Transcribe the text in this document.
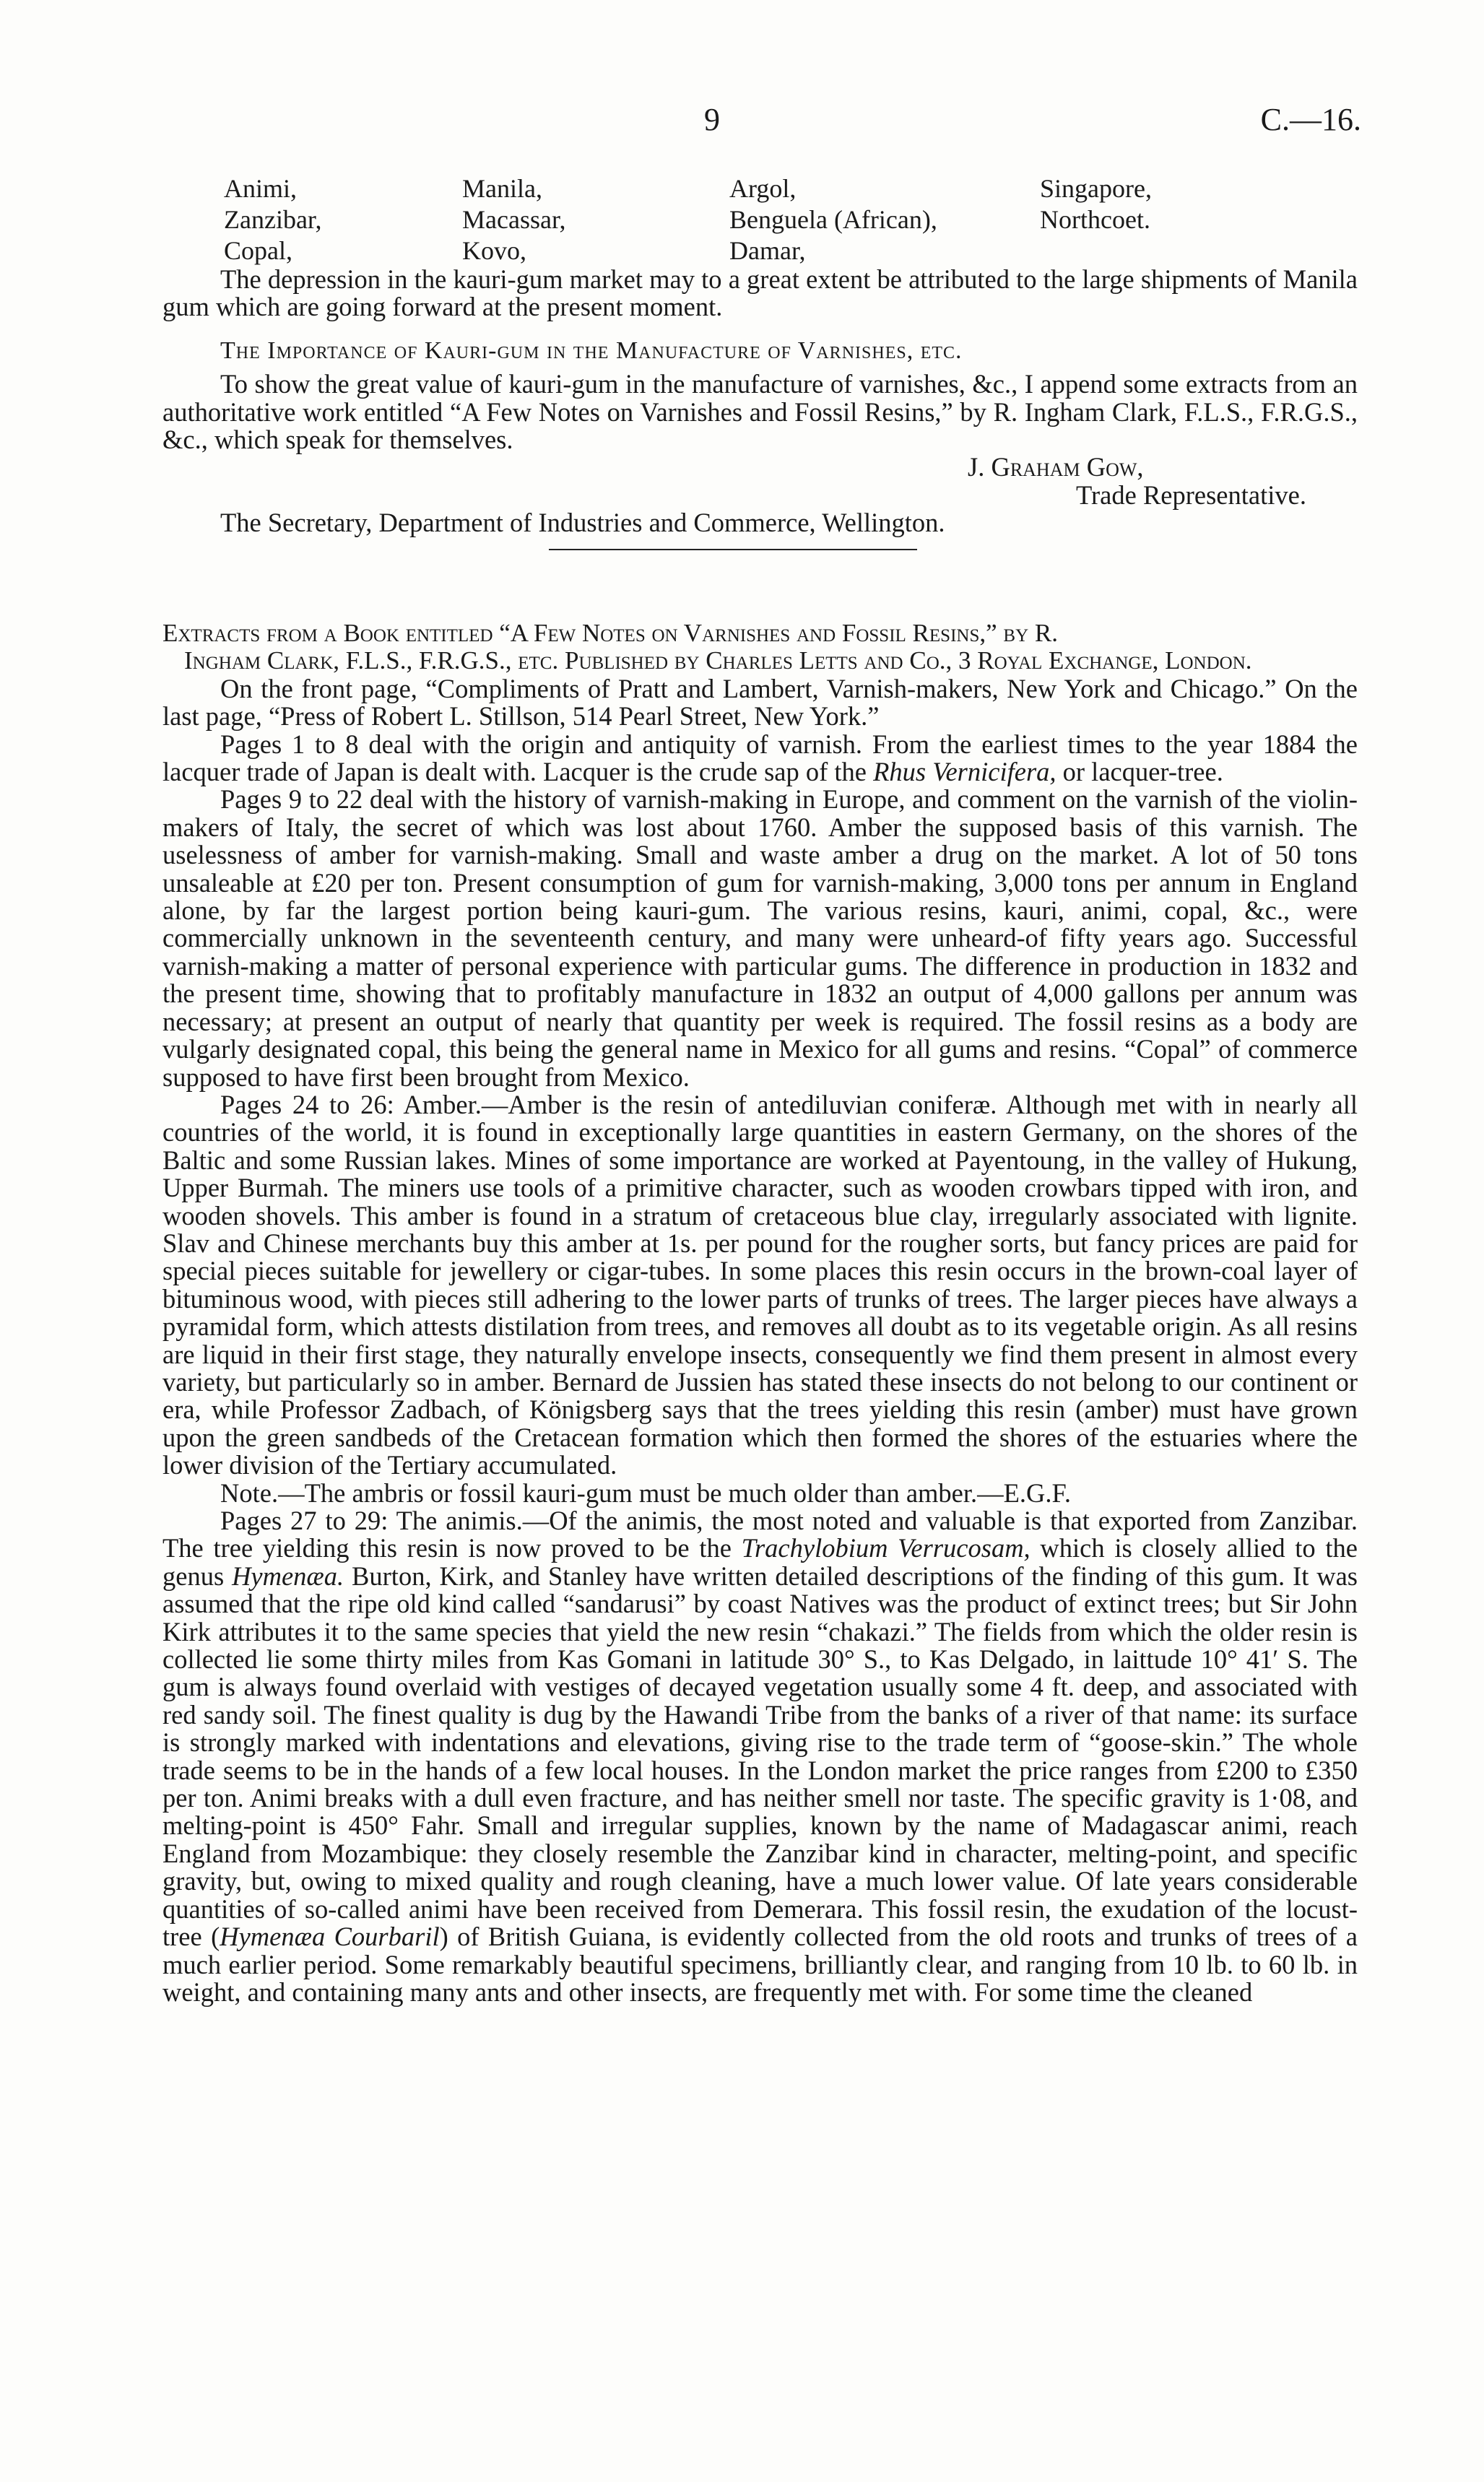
9	C.—16.
Animi,
Zanzibar,
Copal,
Manila,
Macassar,
Kovo,
Argol,
Benguela (African),
Damar,
Singapore,
Northcoet.

The depression in the kauri-gum market may to a great extent be attributed to the large shipments of Manila gum which are going forward at the present moment.

The Importance of Kauri-gum in the Manufacture of Varnishes, etc.

To show the great value of kauri-gum in the manufacture of varnishes, &c., I append some extracts from an authoritative work entitled “A Few Notes on Varnishes and Fossil Resins,” by R. Ingham Clark, F.L.S., F.R.G.S., &c., which speak for themselves.

J. Graham Gow,

Trade Representative.

The Secretary, Department of Industries and Commerce, Wellington.

Extracts from a Book entitled “A Few Notes on Varnishes and Fossil Resins,” by R.
Ingham Clark, F.L.S., F.R.G.S., etc. Published by Charles Letts and Co., 3 Royal Exchange, London.

On the front page, “Compliments of Pratt and Lambert, Varnish-makers, New York and Chicago.” On the last page, “Press of Robert L. Stillson, 514 Pearl Street, New York.”

Pages 1 to 8 deal with the origin and antiquity of varnish. From the earliest times to the year 1884 the lacquer trade of Japan is dealt with. Lacquer is the crude sap of the Rhus Vernicifera, or lacquer-tree.

Pages 9 to 22 deal with the history of varnish-making in Europe, and comment on the varnish of the violin-makers of Italy, the secret of which was lost about 1760. Amber the supposed basis of this varnish. The uselessness of amber for varnish-making. Small and waste amber a drug on the market. A lot of 50 tons unsaleable at £20 per ton. Present consumption of gum for varnish-making, 3,000 tons per annum in England alone, by far the largest portion being kauri-gum. The various resins, kauri, animi, copal, &c., were commercially unknown in the seventeenth century, and many were unheard-of fifty years ago. Successful varnish-making a matter of personal experience with particular gums. The difference in production in 1832 and the present time, showing that to profitably manufacture in 1832 an output of 4,000 gallons per annum was necessary; at present an output of nearly that quantity per week is required. The fossil resins as a body are vulgarly designated copal, this being the general name in Mexico for all gums and resins. “Copal” of commerce supposed to have first been brought from Mexico.

Pages 24 to 26: Amber.—Amber is the resin of antediluvian coniferæ. Although met with in nearly all countries of the world, it is found in exceptionally large quantities in eastern Germany, on the shores of the Baltic and some Russian lakes. Mines of some importance are worked at Payentoung, in the valley of Hukung, Upper Burmah. The miners use tools of a primitive character, such as wooden crowbars tipped with iron, and wooden shovels. This amber is found in a stratum of cretaceous blue clay, irregularly associated with lignite. Slav and Chinese merchants buy this amber at 1s. per pound for the rougher sorts, but fancy prices are paid for special pieces suitable for jewellery or cigar-tubes. In some places this resin occurs in the brown-coal layer of bituminous wood, with pieces still adhering to the lower parts of trunks of trees. The larger pieces have always a pyramidal form, which attests distilation from trees, and removes all doubt as to its vegetable origin. As all resins are liquid in their first stage, they naturally envelope insects, consequently we find them present in almost every variety, but particularly so in amber. Bernard de Jussien has stated these insects do not belong to our continent or era, while Professor Zadbach, of Königsberg says that the trees yielding this resin (amber) must have grown upon the green sandbeds of the Cretacean formation which then formed the shores of the estuaries where the lower division of the Tertiary accumulated.

Note.—The ambris or fossil kauri-gum must be much older than amber.—E.G.F.

Pages 27 to 29: The animis.—Of the animis, the most noted and valuable is that exported from Zanzibar. The tree yielding this resin is now proved to be the Trachylobium Verrucosam, which is closely allied to the genus Hymenæa. Burton, Kirk, and Stanley have written detailed descriptions of the finding of this gum. It was assumed that the ripe old kind called “sandarusi” by coast Natives was the product of extinct trees; but Sir John Kirk attributes it to the same species that yield the new resin “chakazi.” The fields from which the older resin is collected lie some thirty miles from Kas Gomani in latitude 30° S., to Kas Delgado, in laittude 10° 41′ S. The gum is always found overlaid with vestiges of decayed vegetation usually some 4 ft. deep, and associated with red sandy soil. The finest quality is dug by the Hawandi Tribe from the banks of a river of that name: its surface is strongly marked with indentations and elevations, giving rise to the trade term of “goose-skin.” The whole trade seems to be in the hands of a few local houses. In the London market the price ranges from £200 to £350 per ton. Animi breaks with a dull even fracture, and has neither smell nor taste. The specific gravity is 1·08, and melting-point is 450° Fahr. Small and irregular supplies, known by the name of Madagascar animi, reach England from Mozambique: they closely resemble the Zanzibar kind in character, melting-point, and specific gravity, but, owing to mixed quality and rough cleaning, have a much lower value. Of late years considerable quantities of so-called animi have been received from Demerara. This fossil resin, the exudation of the locust-tree (Hymenæa Courbaril) of British Guiana, is evidently collected from the old roots and trunks of trees of a much earlier period. Some remarkably beautiful specimens, brilliantly clear, and ranging from 10 lb. to 60 lb. in weight, and containing many ants and other insects, are frequently met with. For some time the cleaned
